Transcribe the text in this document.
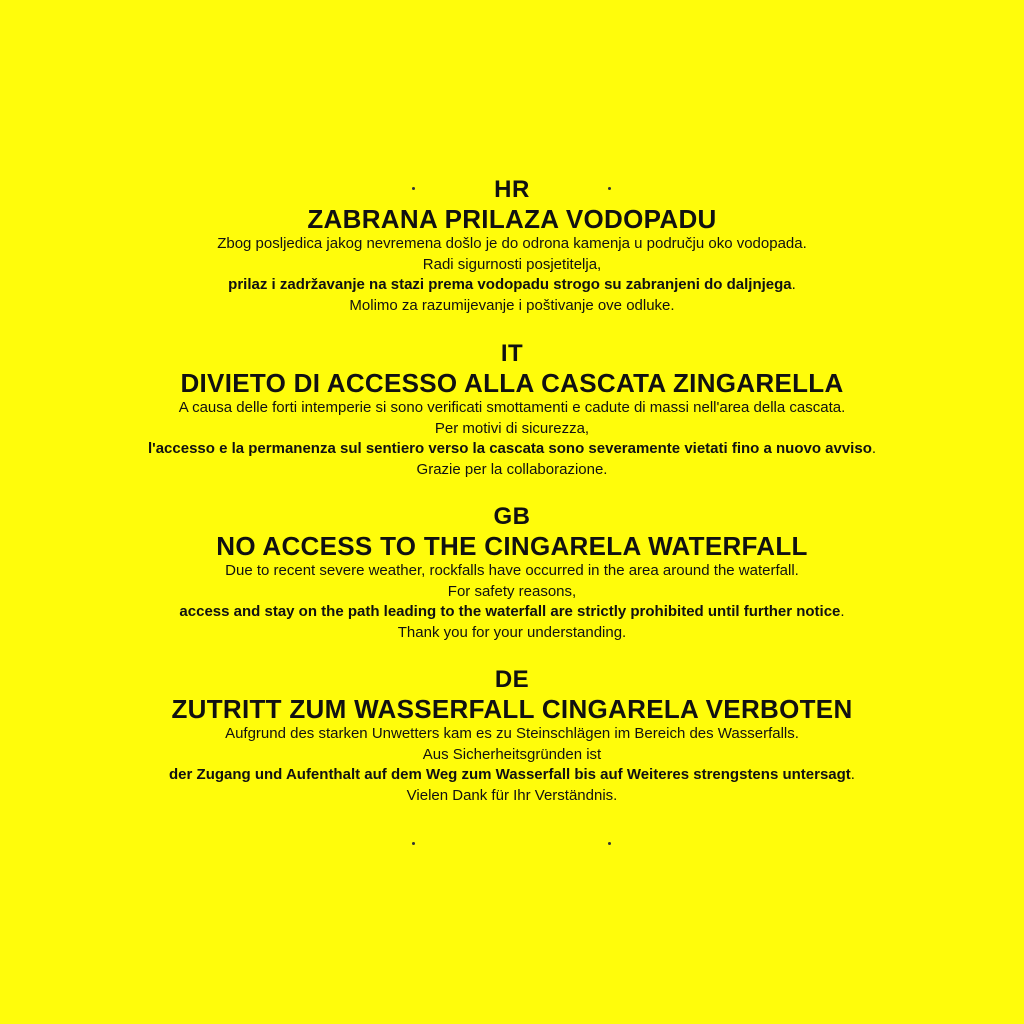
HR
ZABRANA PRILAZA VODOPADU
Zbog posljedica jakog nevremena došlo je do odrona kamenja u području oko vodopada.
Radi sigurnosti posjetitelja,
prilaz i zadržavanje na stazi prema vodopadu strogo su zabranjeni do daljnjega.
Molimo za razumijevanje i poštivanje ove odluke.
IT
DIVIETO DI ACCESSO ALLA CASCATA ZINGARELLA
A causa delle forti intemperie si sono verificati smottamenti e cadute di massi nell'area della cascata.
Per motivi di sicurezza,
l'accesso e la permanenza sul sentiero verso la cascata sono severamente vietati fino a nuovo avviso.
Grazie per la collaborazione.
GB
NO ACCESS TO THE CINGARELA WATERFALL
Due to recent severe weather, rockfalls have occurred in the area around the waterfall.
For safety reasons,
access and stay on the path leading to the waterfall are strictly prohibited until further notice.
Thank you for your understanding.
DE
ZUTRITT ZUM WASSERFALL CINGARELA VERBOTEN
Aufgrund des starken Unwetters kam es zu Steinschlägen im Bereich des Wasserfalls.
Aus Sicherheitsgründen ist
der Zugang und Aufenthalt auf dem Weg zum Wasserfall bis auf Weiteres strengstens untersagt.
Vielen Dank für Ihr Verständnis.
